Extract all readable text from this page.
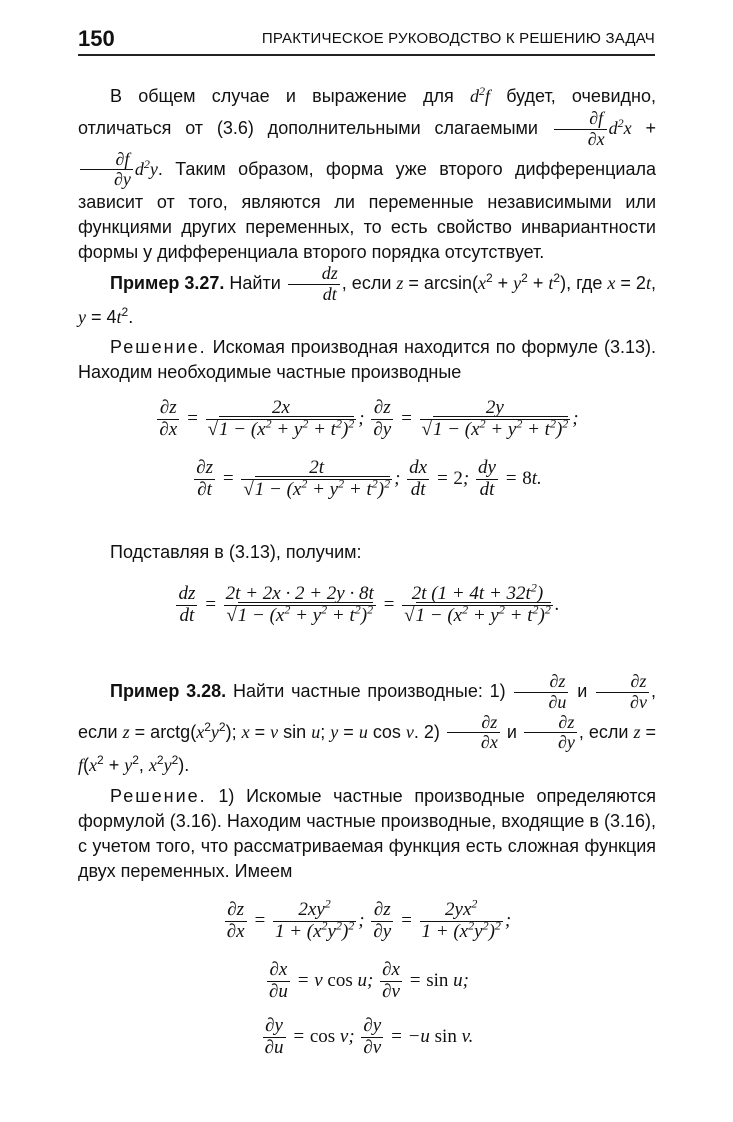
150	ПРАКТИЧЕСКОЕ РУКОВОДСТВО К РЕШЕНИЮ ЗАДАЧ
В общем случае и выражение для $d^2f$ будет, очевидно, отличаться от (3.6) дополнительными слагаемыми $\frac{\partial f}{\partial x} d^2x$ +
$\frac{\partial f}{\partial y} d^2y$. Таким образом, форма уже второго дифференциала зависит от того, являются ли переменные независимыми или функциями других переменных, то есть свойство инвариантности формы у дифференциала второго порядка отсутствует.
Пример 3.27. Найти $\frac{dz}{dt}$ , если $z = \arcsin(x^2 + y^2 + t^2)$, где x = 2t, $y = 4t^2$.
Решение. Искомая производная находится по формуле (3.13). Находим необходимые частные производные
$\frac{\partial z}{\partial x} = \frac{2x}{√1 - (x^2 + y^2 + t^2)^2}$ ; $\frac{\partial z}{\partial y} = \frac{2y}{√1 - (x^2 + y^2 + t^2)^2}$ ;
$\frac{\partial z}{\partial t} = \frac{2t}{√1 - (x^2 + y^2 + t^2)^2}$ ; $\frac{dx}{dt} = 2$; $\frac{dy}{dt} = 8t$.
Подставляя в (3.13), получим:
$\frac{dz}{dt} = \frac{2t + 2x \cdot 2 + 2y \cdot 8t}{√1 - (x^2 + y^2 + t^2)^2} = \frac{2t (1 + 4t + 32t^2)}{√1 - (x^2 + y^2 + t^2)^2}$ .
Пример 3.28. Найти частные производные: $1) \frac{\partial z}{\partial u}$ и $\frac{\partial z}{\partial v}$ , если $z = arctg(x^2y^2)$; x = v sin u; y = u cos v. $2) \frac{\partial z}{\partial x}$ и $\frac{\partial z}{\partial y}$ , если $z = f(x^2 + y^2$, $x^2y^2$).
Решение. 1) Искомые частные производные определяются формулой (3.16). Находим частные производные, входящие в (3.16), с учетом того, что рассматриваемая функция есть сложная функция двух переменных. Имеем
$\frac{\partial z}{\partial x} = \frac{2xy^2}{1 + (x^2y^2)^2}$ ; $\frac{\partial z}{\partial y} = \frac{2yx^2}{1 + (x^2y^2)^2}$ ;
$\frac{\partial x}{\partial u} = v$ cos u; $\frac{\partial x}{\partial v} = \sin u$;
$\frac{\partial y}{\partial u} = \cos v$; $\frac{\partial y}{\partial v} = -u$ sin v.
